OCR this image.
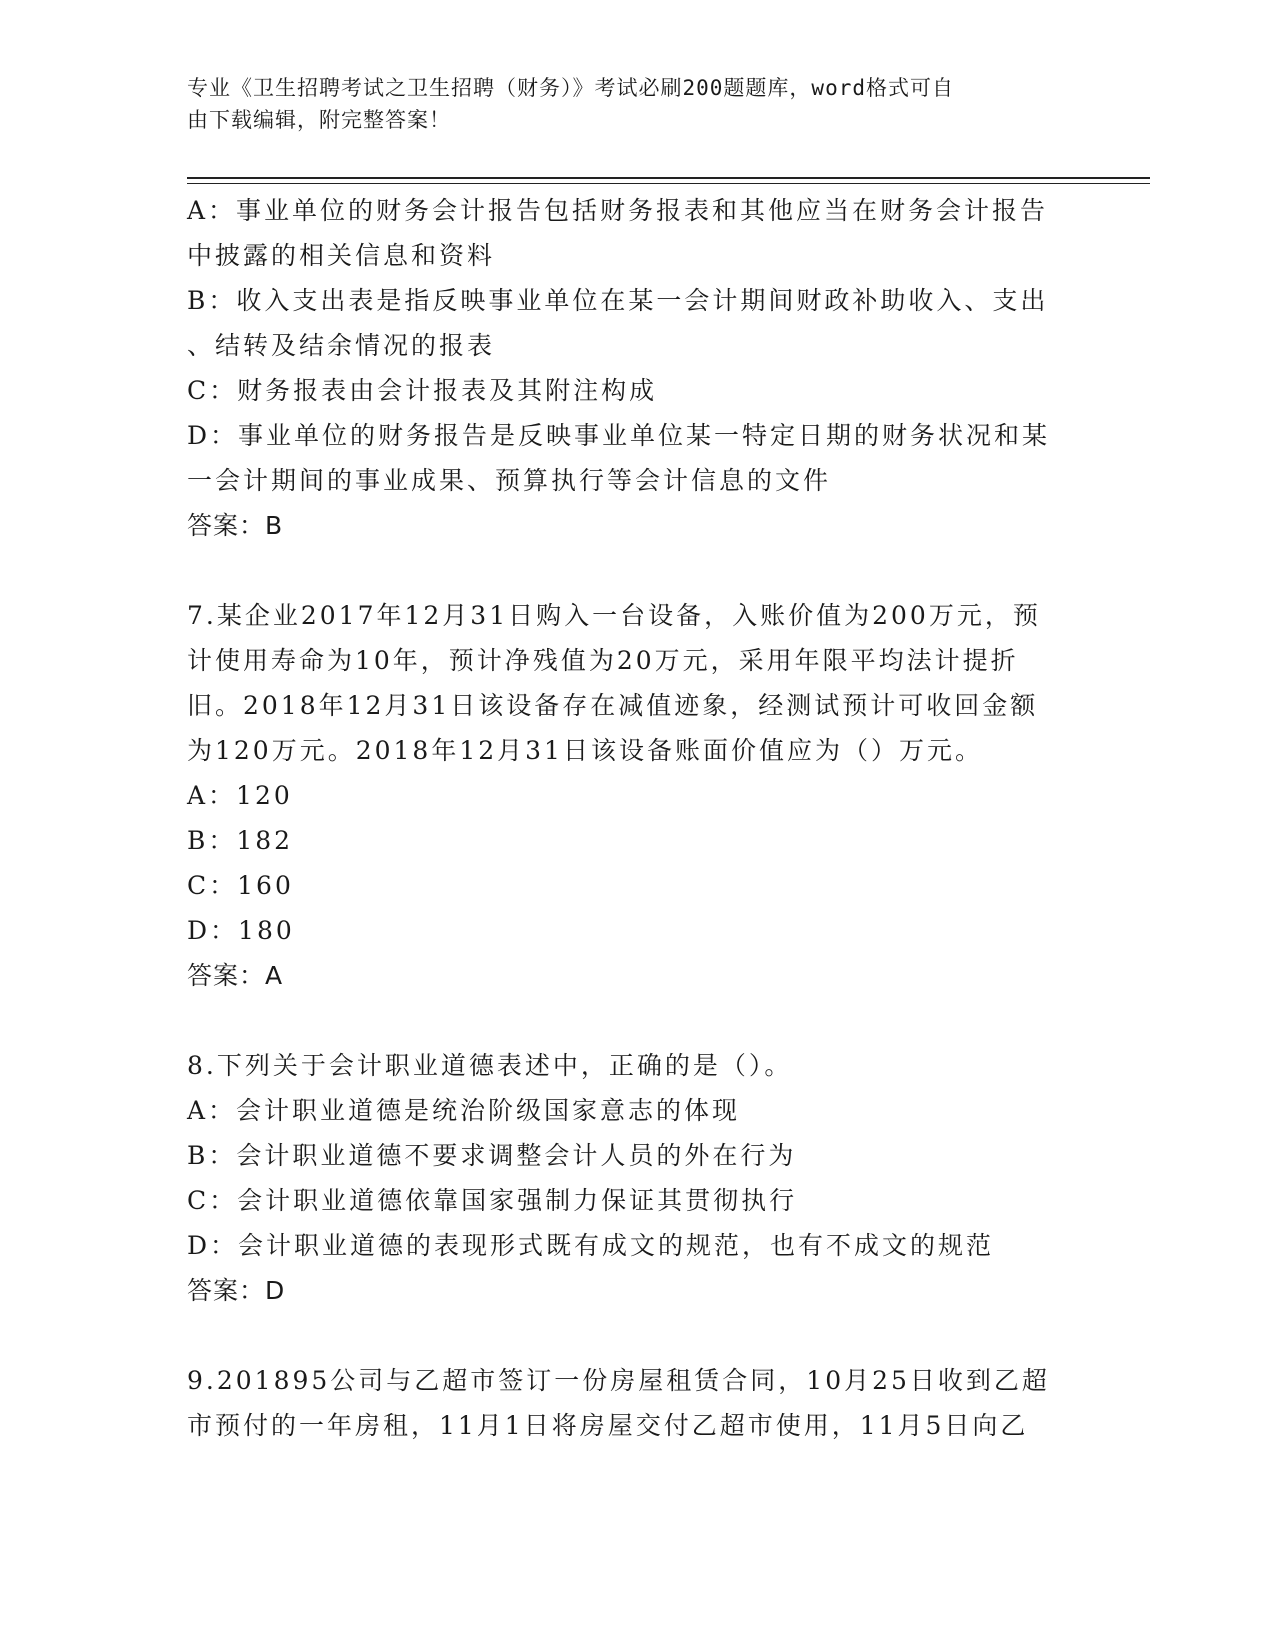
专业《卫生招聘考试之卫生招聘（财务）》考试必刷200题题库，word格式可自
由下载编辑，附完整答案！
A：事业单位的财务会计报告包括财务报表和其他应当在财务会计报告
中披露的相关信息和资料
B：收入支出表是指反映事业单位在某一会计期间财政补助收入、支出
、结转及结余情况的报表
C：财务报表由会计报表及其附注构成
D：事业单位的财务报告是反映事业单位某一特定日期的财务状况和某
一会计期间的事业成果、预算执行等会计信息的文件
答案：B
7.某企业2017年12月31日购入一台设备，入账价值为200万元，预
计使用寿命为10年，预计净残值为20万元，采用年限平均法计提折
旧。2018年12月31日该设备存在减值迹象，经测试预计可收回金额
为120万元。2018年12月31日该设备账面价值应为（）万元。
A：120
B：182
C：160
D：180
答案：A
8.下列关于会计职业道德表述中，正确的是（）。
A：会计职业道德是统治阶级国家意志的体现
B：会计职业道德不要求调整会计人员的外在行为
C：会计职业道德依靠国家强制力保证其贯彻执行
D：会计职业道德的表现形式既有成文的规范，也有不成文的规范
答案：D
9.201895公司与乙超市签订一份房屋租赁合同，10月25日收到乙超
市预付的一年房租，11月1日将房屋交付乙超市使用，11月5日向乙
